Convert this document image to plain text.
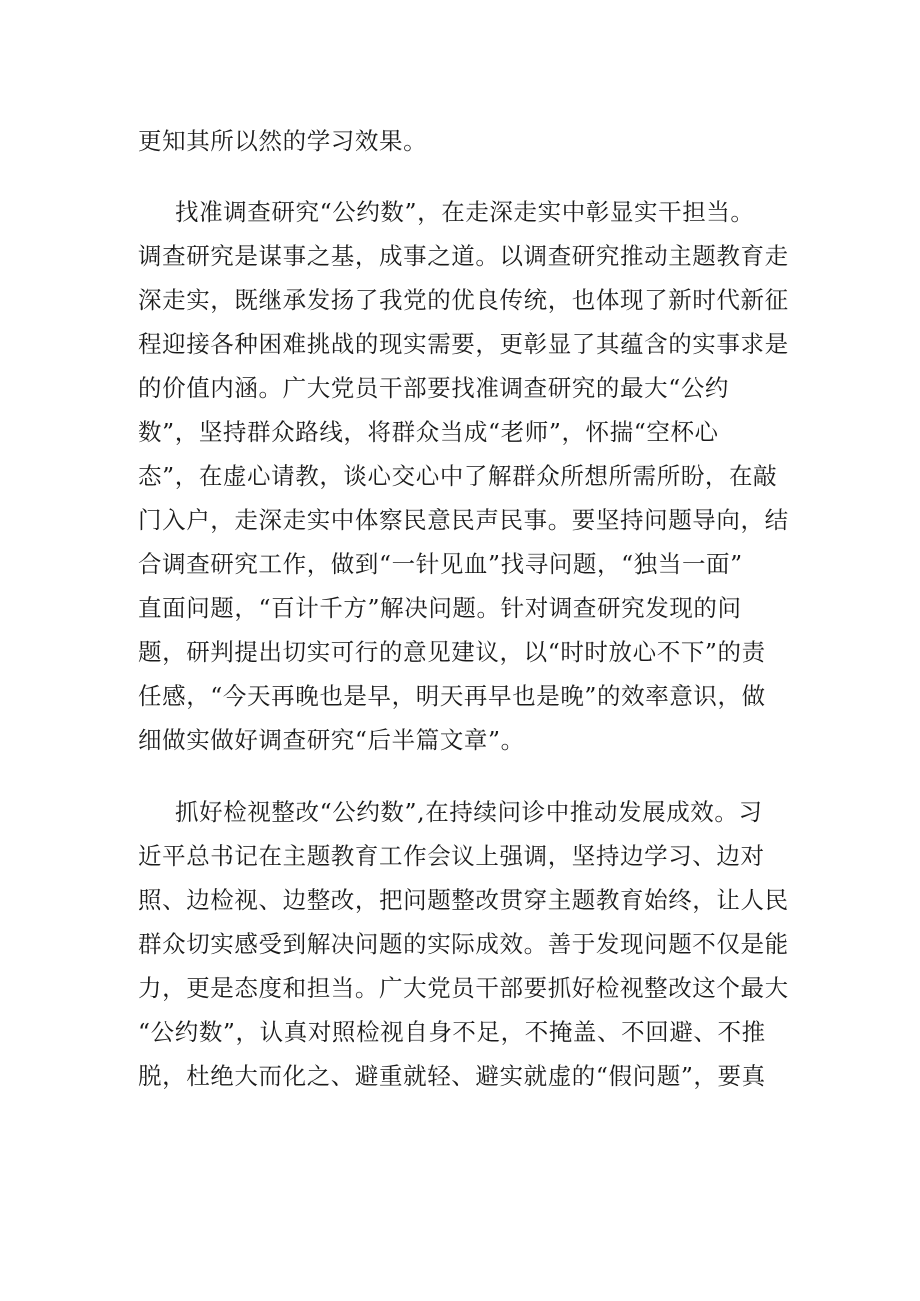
更知其所以然的学习效果。
找准调查研究“公约数”，在走深走实中彰显实干担当。
调查研究是谋事之基，成事之道。以调查研究推动主题教育走
深走实，既继承发扬了我党的优良传统，也体现了新时代新征
程迎接各种困难挑战的现实需要，更彰显了其蕴含的实事求是
的价值内涵。广大党员干部要找准调查研究的最大“公约
数”，坚持群众路线，将群众当成“老师”，怀揣“空杯心
态”，在虚心请教，谈心交心中了解群众所想所需所盼，在敲
门入户，走深走实中体察民意民声民事。要坚持问题导向，结
合调查研究工作，做到“一针见血”找寻问题，“独当一面”
直面问题，“百计千方”解决问题。针对调查研究发现的问
题，研判提出切实可行的意见建议，以“时时放心不下”的责
任感，“今天再晚也是早，明天再早也是晚”的效率意识，做
细做实做好调查研究“后半篇文章”。
抓好检视整改“公约数”,在持续问诊中推动发展成效。习
近平总书记在主题教育工作会议上强调，坚持边学习、边对
照、边检视、边整改，把问题整改贯穿主题教育始终，让人民
群众切实感受到解决问题的实际成效。善于发现问题不仅是能
力，更是态度和担当。广大党员干部要抓好检视整改这个最大
“公约数”，认真对照检视自身不足，不掩盖、不回避、不推
脱，杜绝大而化之、避重就轻、避实就虚的“假问题”，要真
